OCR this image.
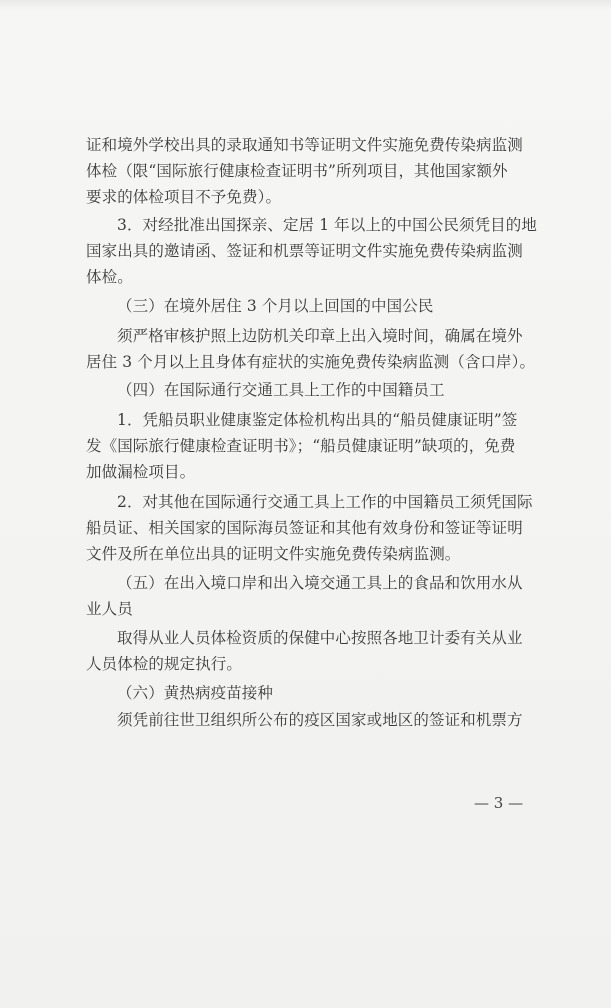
证和境外学校出具的录取通知书等证明文件实施免费传染病监测
体检（限“国际旅行健康检查证明书”所列项目，其他国家额外
要求的体检项目不予免费）。
3．对经批准出国探亲、定居 1 年以上的中国公民须凭目的地
国家出具的邀请函、签证和机票等证明文件实施免费传染病监测
体检。
（三）在境外居住 3 个月以上回国的中国公民
须严格审核护照上边防机关印章上出入境时间，确属在境外
居住 3 个月以上且身体有症状的实施免费传染病监测（含口岸）。
（四）在国际通行交通工具上工作的中国籍员工
1．凭船员职业健康鉴定体检机构出具的“船员健康证明”签
发《国际旅行健康检查证明书》；“船员健康证明”缺项的，免费
加做漏检项目。
2．对其他在国际通行交通工具上工作的中国籍员工须凭国际
船员证、相关国家的国际海员签证和其他有效身份和签证等证明
文件及所在单位出具的证明文件实施免费传染病监测。
（五）在出入境口岸和出入境交通工具上的食品和饮用水从
业人员
取得从业人员体检资质的保健中心按照各地卫计委有关从业
人员体检的规定执行。
（六）黄热病疫苗接种
须凭前往世卫组织所公布的疫区国家或地区的签证和机票方
— 3 —
